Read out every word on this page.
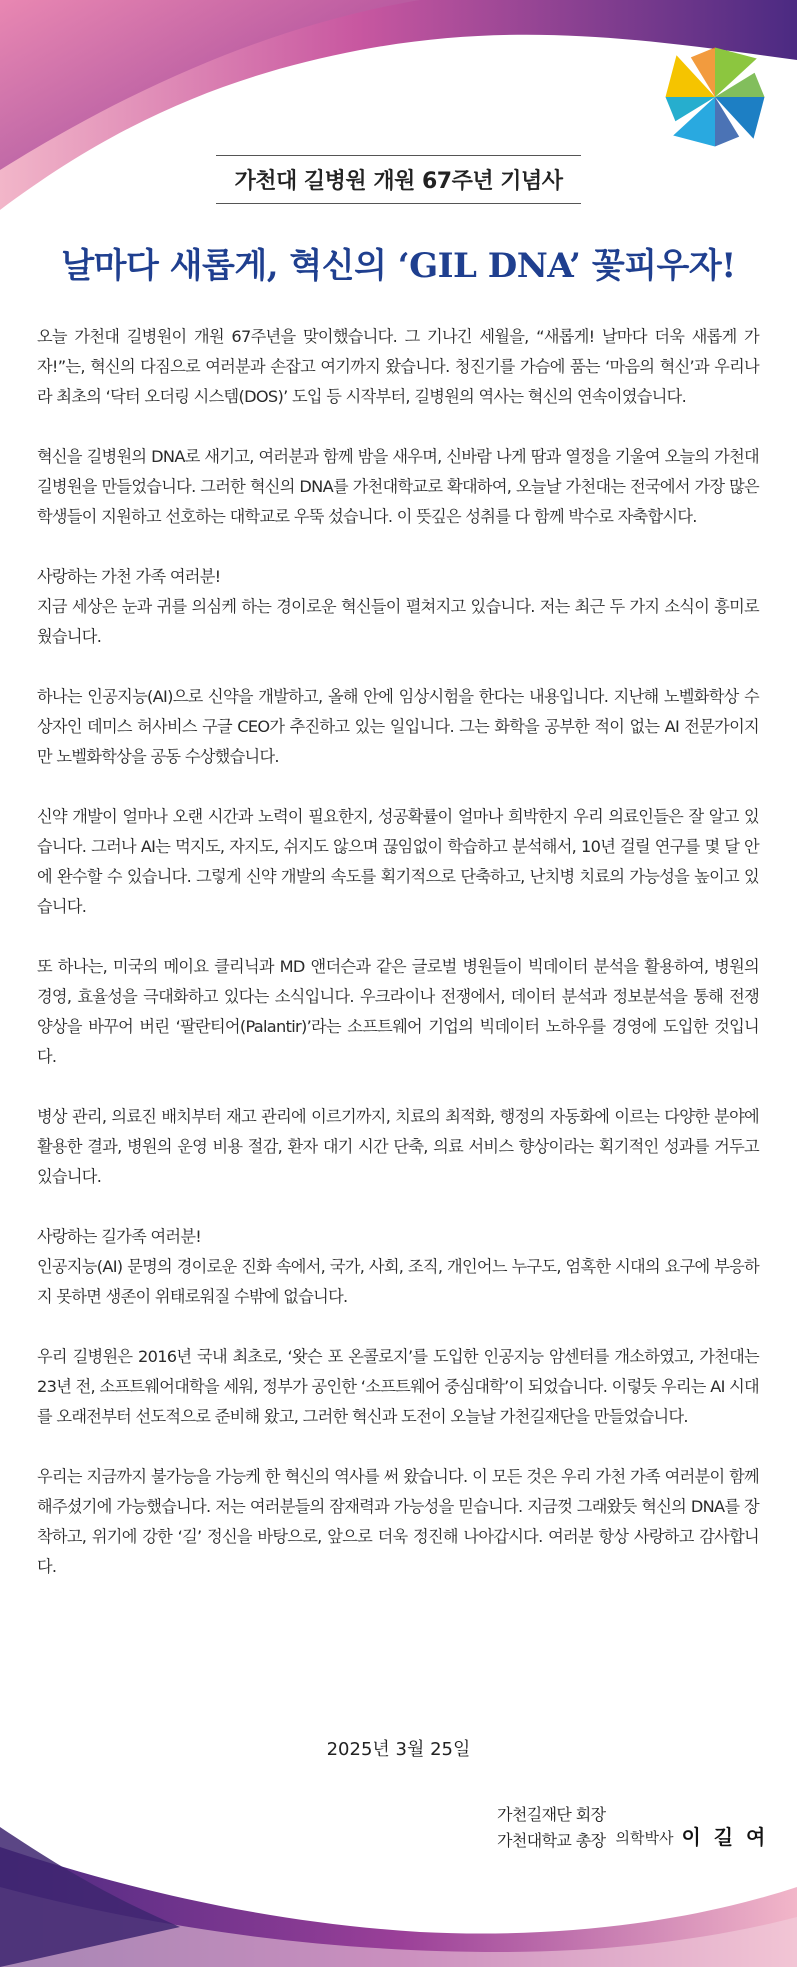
가천대 길병원 개원 67주년 기념사
날마다 새롭게, 혁신의 ‘GIL DNA’ 꽃피우자!

오늘 가천대 길병원이 개원 67주년을 맞이했습니다. 그 기나긴 세월을, “새롭게! 날마다 더욱 새롭게 가자!”는, 혁신의 다짐으로 여러분과 손잡고 여기까지 왔습니다. 청진기를 가슴에 품는 ‘마음의 혁신’과 우리나라 최초의 ‘닥터 오더링 시스템(DOS)’ 도입 등 시작부터, 길병원의 역사는 혁신의 연속이였습니다.

혁신을 길병원의 DNA로 새기고, 여러분과 함께 밤을 새우며, 신바람 나게 땀과 열정을 기울여 오늘의 가천대 길병원을 만들었습니다. 그러한 혁신의 DNA를 가천대학교로 확대하여, 오늘날 가천대는 전국에서 가장 많은 학생들이 지원하고 선호하는 대학교로 우뚝 섰습니다. 이 뜻깊은 성취를 다 함께 박수로 자축합시다.

사랑하는 가천 가족 여러분!

지금 세상은 눈과 귀를 의심케 하는 경이로운 혁신들이 펼쳐지고 있습니다. 저는 최근 두 가지 소식이 흥미로웠습니다.

하나는 인공지능(AI)으로 신약을 개발하고, 올해 안에 임상시험을 한다는 내용입니다. 지난해 노벨화학상 수상자인 데미스 허사비스 구글 CEO가 추진하고 있는 일입니다. 그는 화학을 공부한 적이 없는 AI 전문가이지만 노벨화학상을 공동 수상했습니다.

신약 개발이 얼마나 오랜 시간과 노력이 필요한지, 성공확률이 얼마나 희박한지 우리 의료인들은 잘 알고 있습니다. 그러나 AI는 먹지도, 자지도, 쉬지도 않으며 끊임없이 학습하고 분석해서, 10년 걸릴 연구를 몇 달 안에 완수할 수 있습니다. 그렇게 신약 개발의 속도를 획기적으로 단축하고, 난치병 치료의 가능성을 높이고 있습니다.

또 하나는, 미국의 메이요 클리닉과 MD 앤더슨과 같은 글로벌 병원들이 빅데이터 분석을 활용하여, 병원의 경영, 효율성을 극대화하고 있다는 소식입니다. 우크라이나 전쟁에서, 데이터 분석과 정보분석을 통해 전쟁 양상을 바꾸어 버린 ‘팔란티어(Palantir)’라는 소프트웨어 기업의 빅데이터 노하우를 경영에 도입한 것입니다.

병상 관리, 의료진 배치부터 재고 관리에 이르기까지, 치료의 최적화, 행정의 자동화에 이르는 다양한 분야에 활용한 결과, 병원의 운영 비용 절감, 환자 대기 시간 단축, 의료 서비스 향상이라는 획기적인 성과를 거두고 있습니다.

사랑하는 길가족 여러분!

인공지능(AI) 문명의 경이로운 진화 속에서, 국가, 사회, 조직, 개인어느 누구도, 엄혹한 시대의 요구에 부응하지 못하면 생존이 위태로워질 수밖에 없습니다.

우리 길병원은 2016년 국내 최초로, ‘왓슨 포 온콜로지’를 도입한 인공지능 암센터를 개소하였고, 가천대는 23년 전, 소프트웨어대학을 세워, 정부가 공인한 ‘소프트웨어 중심대학’이 되었습니다. 이렇듯 우리는 AI 시대를 오래전부터 선도적으로 준비해 왔고, 그러한 혁신과 도전이 오늘날 가천길재단을 만들었습니다.

우리는 지금까지 불가능을 가능케 한 혁신의 역사를 써 왔습니다. 이 모든 것은 우리 가천 가족 여러분이 함께 해주셨기에 가능했습니다. 저는 여러분들의 잠재력과 가능성을 믿습니다. 지금껏 그래왔듯 혁신의 DNA를 장착하고, 위기에 강한 ‘길’ 정신을 바탕으로, 앞으로 더욱 정진해 나아갑시다. 여러분 항상 사랑하고 감사합니다.

2025년 3월 25일
가천길재단 회장
가천대학교 총장 의학박사 이 길 여
